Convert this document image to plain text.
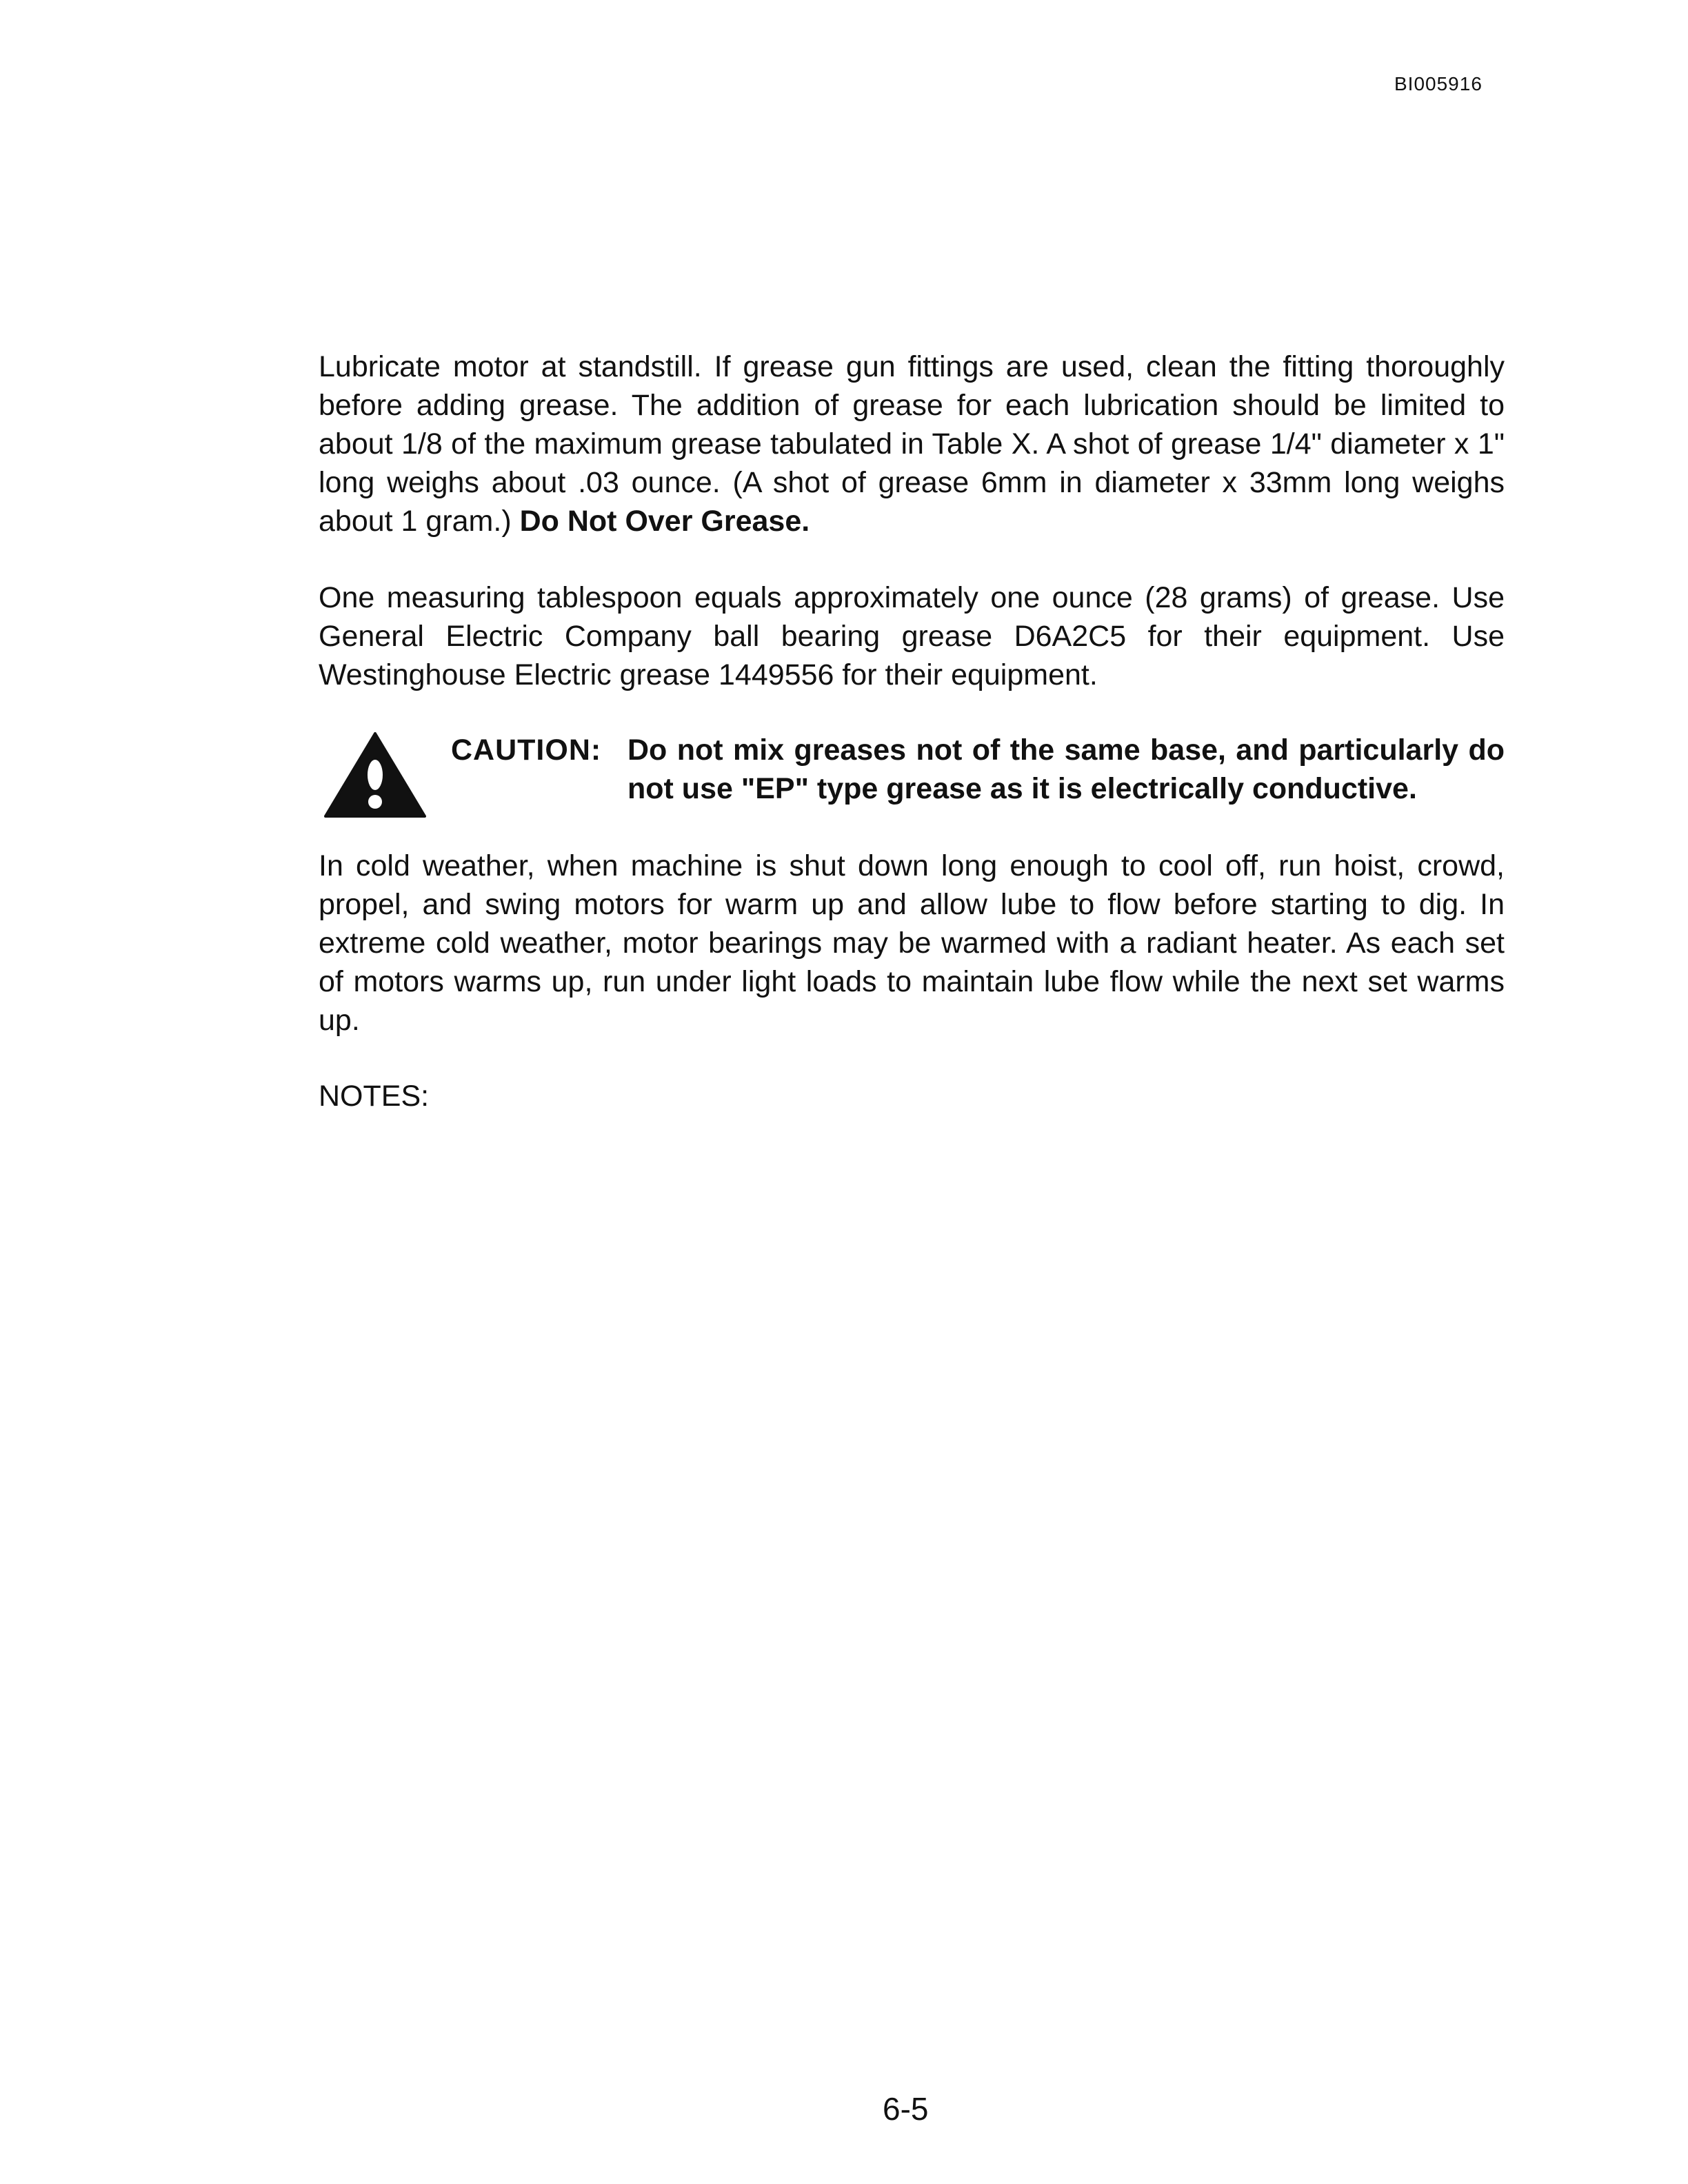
BI005916

Lubricate motor at standstill. If grease gun fittings are used, clean the fitting thoroughly before adding grease. The addition of grease for each lubrication should be limited to about 1/8 of the maximum grease tabulated in Table X. A shot of grease 1/4" diameter x 1" long weighs about .03 ounce. (A shot of grease 6mm in diameter x 33mm long weighs about 1 gram.) Do Not Over Grease.

One measuring tablespoon equals approximately one ounce (28 grams) of grease. Use General Electric Company ball bearing grease D6A2C5 for their equipment. Use Westinghouse Electric grease 1449556 for their equipment.

CAUTION: Do not mix greases not of the same base, and particularly do not use "EP" type grease as it is electrically conductive.

In cold weather, when machine is shut down long enough to cool off, run hoist, crowd, propel, and swing motors for warm up and allow lube to flow before starting to dig. In extreme cold weather, motor bearings may be warmed with a radiant heater. As each set of motors warms up, run under light loads to maintain lube flow while the next set warms up.

NOTES:

6-5
